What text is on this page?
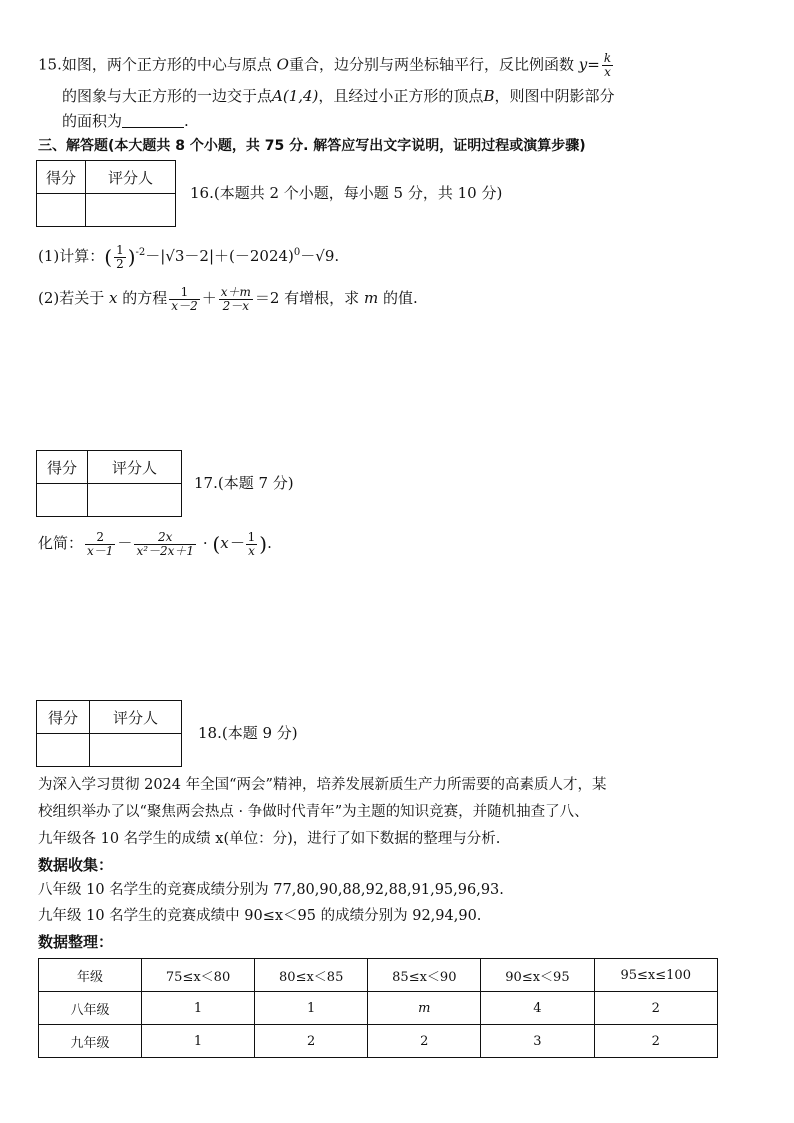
15.如图，两个正方形的中心与原点 O重合，边分别与两坐标轴平行，反比例函数 $y= \frac{k}{x}$
的图象与大正方形的一边交于点A(1,4)，且经过小正方形的顶点B，则图中阴影部分
的面积为	.
三、解答题(本大题共 8 个小题，共 75 分. 解答应写出文字说明，证明过程或演算步骤)
得分	评分人

16.(本题共 2 个小题，每小题 5 分，共 10 分)
(1)计算：( $\frac{1}{2} )^{-2}-|√3-2|+(-2024)^0-√9$.
(2)若关于 x 的方程 $\frac{1}{x-2} + \frac{x+m}{2-x} =2$ 有增根，求 m 的值.
得分	评分人

17.(本题 7 分)
化简： $\frac{2}{x-1} - \frac{2x}{\text{x²－2x＋1}} \cdot (x- \frac{1}{x}$ ).
得分	评分人

18.(本题 9 分)
为深入学习贯彻 2024 年全国“两会”精神，培养发展新质生产力所需要的高素质人才，某
校组织举办了以“聚焦两会热点 · 争做时代青年”为主题的知识竞赛，并随机抽查了八、
九年级各 10 名学生的成绩 x(单位：分)，进行了如下数据的整理与分析.
数据收集：
八年级 10 名学生的竞赛成绩分别为 77,80,90,88,92,88,91,95,96,93.
九年级 10 名学生的竞赛成绩中 90≤x＜95 的成绩分别为 92,94,90.
数据整理：
年级	75≤x＜80	80≤x＜85	85≤x＜90	90≤x＜95	95≤x≤100
八年级	1	1	m	4	2
九年级	1	2	2	3	2
